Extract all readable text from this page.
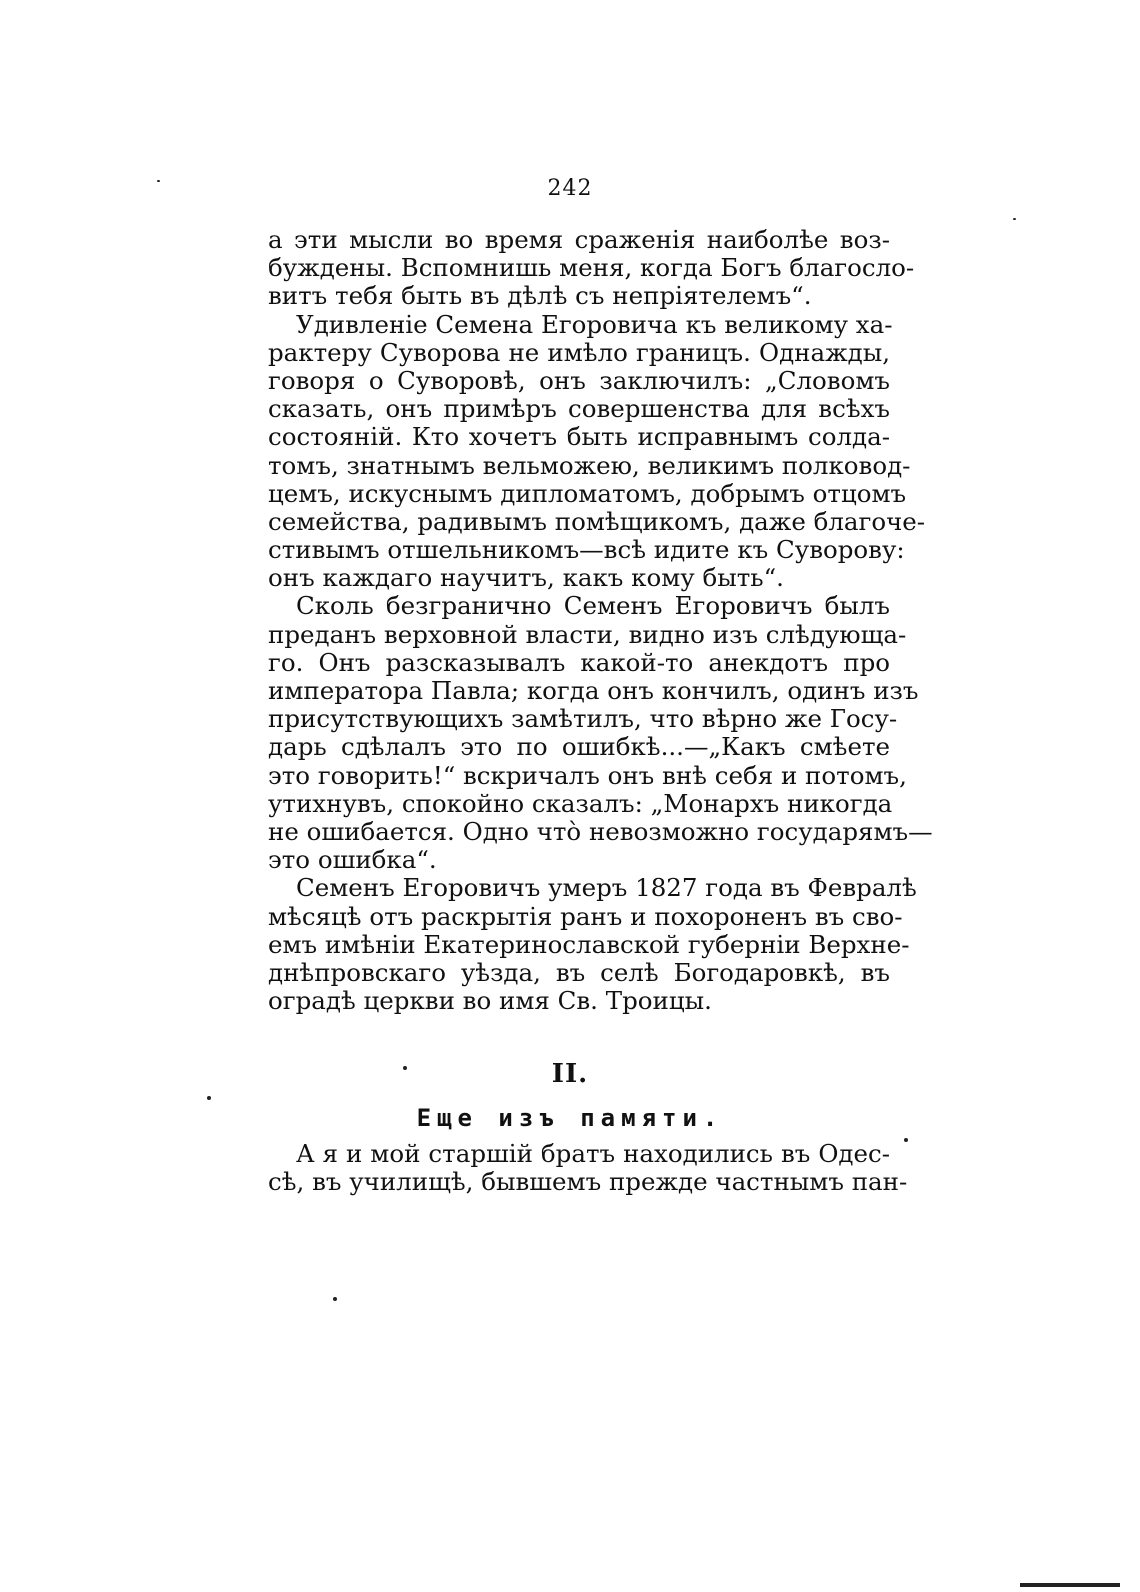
242
а эти мысли во время сраженія наиболѣе воз-
буждены. Вспомнишь меня, когда Богъ благосло-
витъ тебя быть въ дѣлѣ съ непріятелемъ“.
Удивленіе Семена Егоровича къ великому ха-
рактеру Суворова не имѣло границъ. Однажды,
говоря о Суворовѣ, онъ заключилъ: „Словомъ
сказать, онъ примѣръ совершенства для всѣхъ
состояній. Кто хочетъ быть исправнымъ солда-
томъ, знатнымъ вельможею, великимъ полковод-
цемъ, искуснымъ дипломатомъ, добрымъ отцомъ
семейства, радивымъ помѣщикомъ, даже благоче-
стивымъ отшельникомъ—всѣ идите къ Суворову:
онъ каждаго научитъ, какъ кому быть“.
Сколь безгранично Семенъ Егоровичъ былъ
преданъ верховной власти, видно изъ слѣдующа-
го. Онъ разсказывалъ какой-то анекдотъ про
императора Павла; когда онъ кончилъ, одинъ изъ
присутствующихъ замѣтилъ, что вѣрно же Госу-
дарь сдѣлалъ это по ошибкѣ...—„Какъ смѣете
это говорить!“ вскричалъ онъ внѣ себя и потомъ,
утихнувъ, спокойно сказалъ: „Монархъ никогда
не ошибается. Одно что̀ невозможно государямъ—
это ошибка“.
Семенъ Егоровичъ умеръ 1827 года въ Февралѣ
мѣсяцѣ отъ раскрытія ранъ и похороненъ въ сво-
емъ имѣніи Екатеринославской губерніи Верхне-
днѣпровскаго уѣзда, въ селѣ Богодаровкѣ, въ
оградѣ церкви во имя Св. Троицы.
II.
Еще изъ памяти.
А я и мой старшій братъ находились въ Одес-
сѣ, въ училищѣ, бывшемъ прежде частнымъ пан-
